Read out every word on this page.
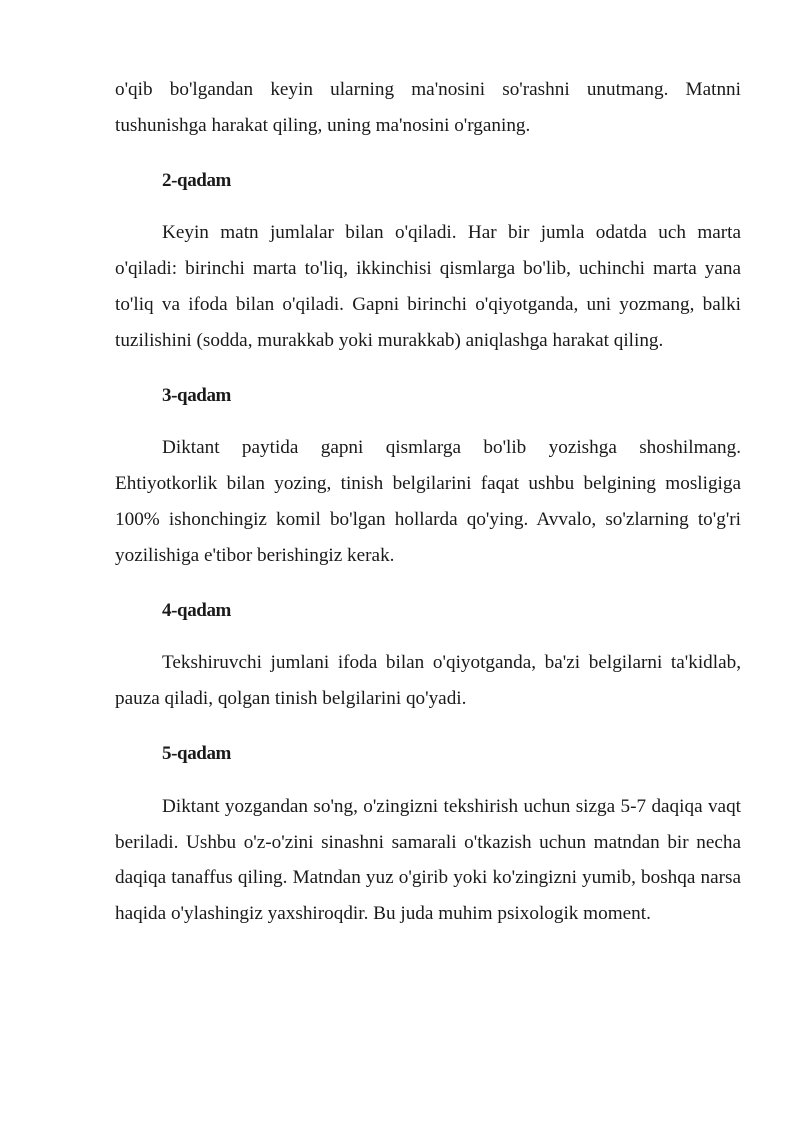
o'qib bo'lgandan keyin ularning ma'nosini so'rashni unutmang. Matnni tushunishga harakat qiling, uning ma'nosini o'rganing.

2-qadam

Keyin matn jumlalar bilan o'qiladi. Har bir jumla odatda uch marta o'qiladi: birinchi marta to'liq, ikkinchisi qismlarga bo'lib, uchinchi marta yana to'liq va ifoda bilan o'qiladi. Gapni birinchi o'qiyotganda, uni yozmang, balki tuzilishini (sodda, murakkab yoki murakkab) aniqlashga harakat qiling.

3-qadam

Diktant paytida gapni qismlarga bo'lib yozishga shoshilmang. Ehtiyotkorlik bilan yozing, tinish belgilarini faqat ushbu belgining mosligiga 100% ishonchingiz komil bo'lgan hollarda qo'ying. Avvalo, so'zlarning to'g'ri yozilishiga e'tibor berishingiz kerak.

4-qadam

Tekshiruvchi jumlani ifoda bilan o'qiyotganda, ba'zi belgilarni ta'kidlab, pauza qiladi, qolgan tinish belgilarini qo'yadi.

5-qadam

Diktant yozgandan so'ng, o'zingizni tekshirish uchun sizga 5-7 daqiqa vaqt beriladi. Ushbu o'z-o'zini sinashni samarali o'tkazish uchun matndan bir necha daqiqa tanaffus qiling. Matndan yuz o'girib yoki ko'zingizni yumib, boshqa narsa haqida o'ylashingiz yaxshiroqdir. Bu juda muhim psixologik moment.
